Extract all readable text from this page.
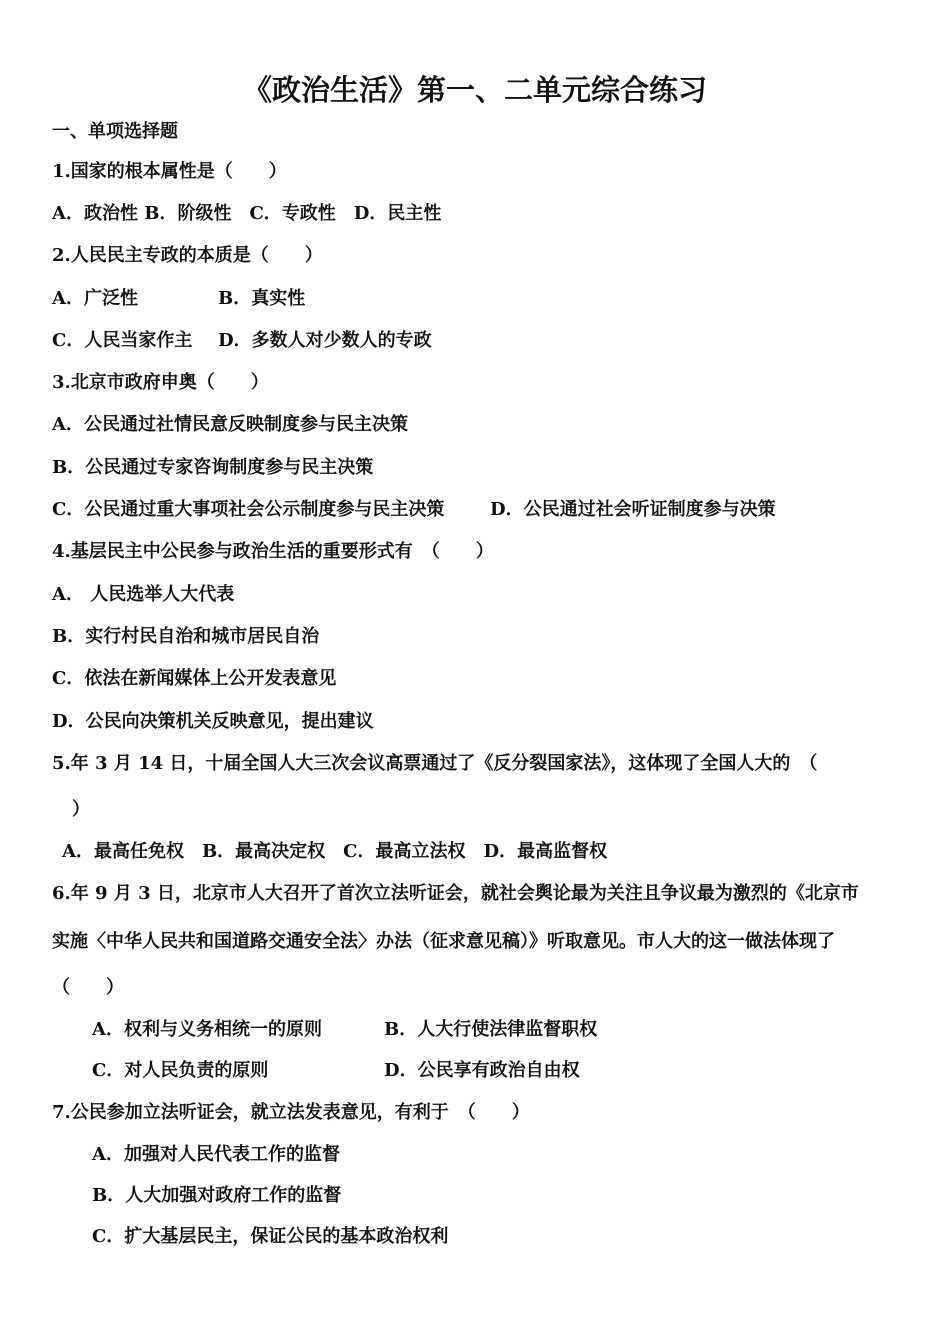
《政治生活》第一、二单元综合练习
一、单项选择题
1.国家的根本属性是（　　）
A．政治性 B．阶级性　C．专政性　D．民主性
2.人民民主专政的本质是（　　）
A．广泛性	B．真实性
C．人民当家作主 D．多数人对少数人的专政
3.北京市政府申奥（　　）
A．公民通过社情民意反映制度参与民主决策
B．公民通过专家咨询制度参与民主决策
C．公民通过重大事项社会公示制度参与民主决策	D．公民通过社会听证制度参与决策
4.基层民主中公民参与政治生活的重要形式有　（　　）
A． 人民选举人大代表
B．实行村民自治和城市居民自治
C．依法在新闻媒体上公开发表意见
D．公民向决策机关反映意见，提出建议
5.年 3 月 14 日，十届全国人大三次会议高票通过了《反分裂国家法》，这体现了全国人大的　（
）
A．最高任免权　B．最高决定权　C．最高立法权　D．最高监督权
6.年 9 月 3 日，北京市人大召开了首次立法听证会，就社会舆论最为关注且争议最为激烈的《北京市
实施〈中华人民共和国道路交通安全法〉办法（征求意见稿）》听取意见。市人大的这一做法体现了
（　　）
A．权利与义务相统一的原则	B．人大行使法律监督职权
C．对人民负责的原则	D．公民享有政治自由权
7.公民参加立法听证会，就立法发表意见，有利于　（　　）
A．加强对人民代表工作的监督
B．人大加强对政府工作的监督
C．扩大基层民主，保证公民的基本政治权利
